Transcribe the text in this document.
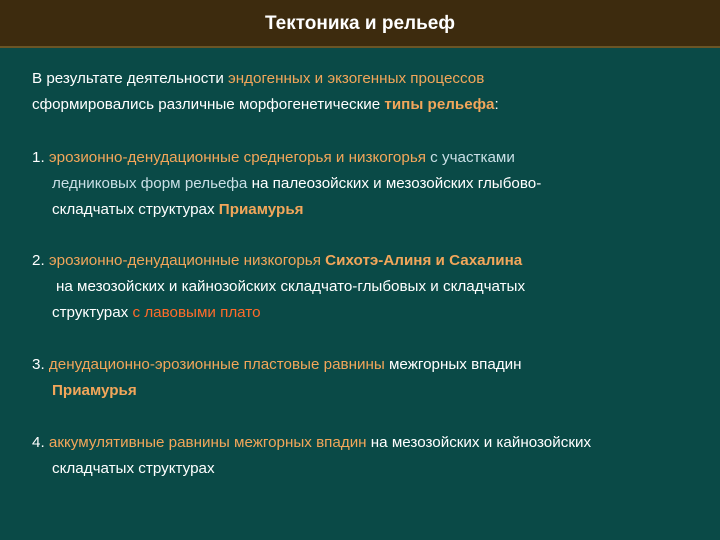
Тектоника и рельеф
В результате деятельности эндогенных и экзогенных процессов
сформировались различные морфогенетические типы рельефа:
1. эрозионно-денудационные среднегорья и низкогорья с участками
ледниковых форм рельефа на палеозойских и мезозойских глыбово-
складчатых структурах Приамурья
2. эрозионно-денудационные низкогорья Сихотэ-Алиня и Сахалина
на мезозойских и кайнозойских складчато-глыбовых и складчатых
структурах с лавовыми плато
3. денудационно-эрозионные пластовые равнины межгорных впадин
Приамурья
4. аккумулятивные равнины межгорных впадин на мезозойских и кайнозойских
складчатых структурах
